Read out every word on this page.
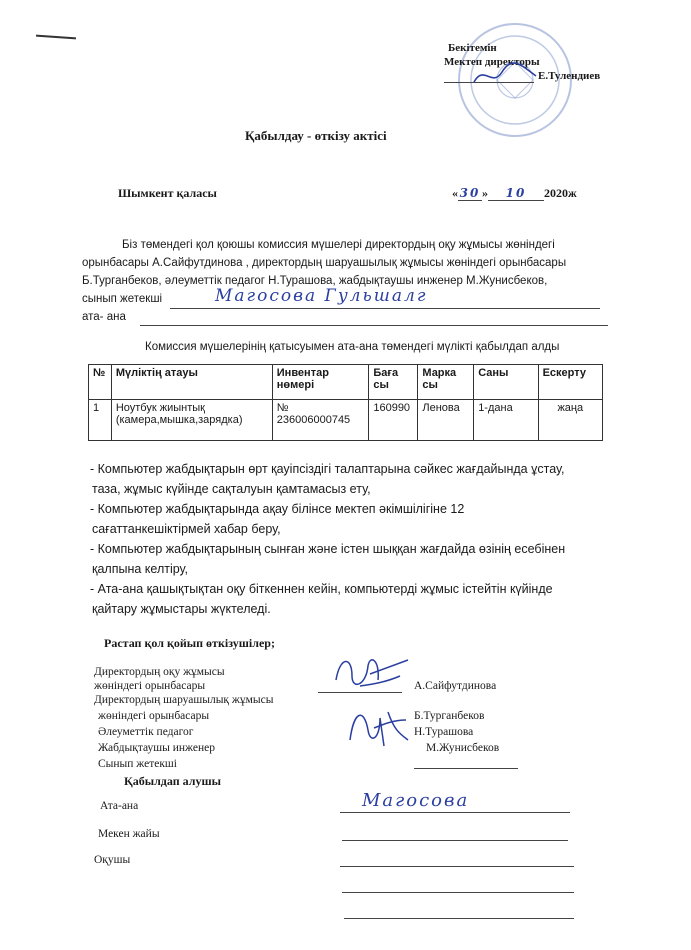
Бекітемін
Мектеп директоры
Е.Тулендиев
Қабылдау - өткізу актісі
Шымкент қаласы	« 30 » 10 2020ж
Біз төмендегі қол қоюшы комиссия мүшелері директордың оқу жұмысы жөніндегі
орынбасары А.Сайфутдинова , директордың шаруашылық жұмысы жөніндегі орынбасары
Б.Турганбеков, әлеуметтік педагог Н.Турашова, жабдықтаушы инженер М.Жунисбеков,
сынып жетекші	Магосова Гульшалг
ата- ана
Комиссия мүшелерінің қатысуымен ата-ана төмендегі мүлікті қабылдап алды
№	Мүліктің атауы	Инвентар нөмері	Баға сы	Марка сы	Саны	Ескерту
1	Ноутбук жиынтық (камера,мышка,зарядка)	№ 236006000745	160990	Ленова	1-дана	жаңа
- Компьютер жабдықтарын өрт қауіпсіздігі талаптарына сәйкес жағдайында ұстау,
таза, жұмыс күйінде сақталуын қамтамасыз ету,
- Компьютер жабдықтарында ақау білінсе мектеп әкімшілігіне 12
сағаттанкешіктірмей хабар беру,
- Компьютер жабдықтарының сынған және істен шыққан жағдайда өзінің есебінен
қалпына келтіру,
- Ата-ана қашықтықтан оқу біткеннен кейін, компьютерді жұмыс істейтін күйінде
қайтару жұмыстары жүктеледі.
Растап қол қойып өткізушілер;
Директордың оқу жұмысы
жөніндегі орынбасары	А.Сайфутдинова
Директордың шаруашылық жұмысы
жөніндегі орынбасары	Б.Турганбеков
Әлеуметтік педагог	Н.Турашова
Жабдықтаушы инженер	М.Жунисбеков
Сынып жетекші
Қабылдап алушы
Ата-ана	Магосова
Мекен жайы
Оқушы
